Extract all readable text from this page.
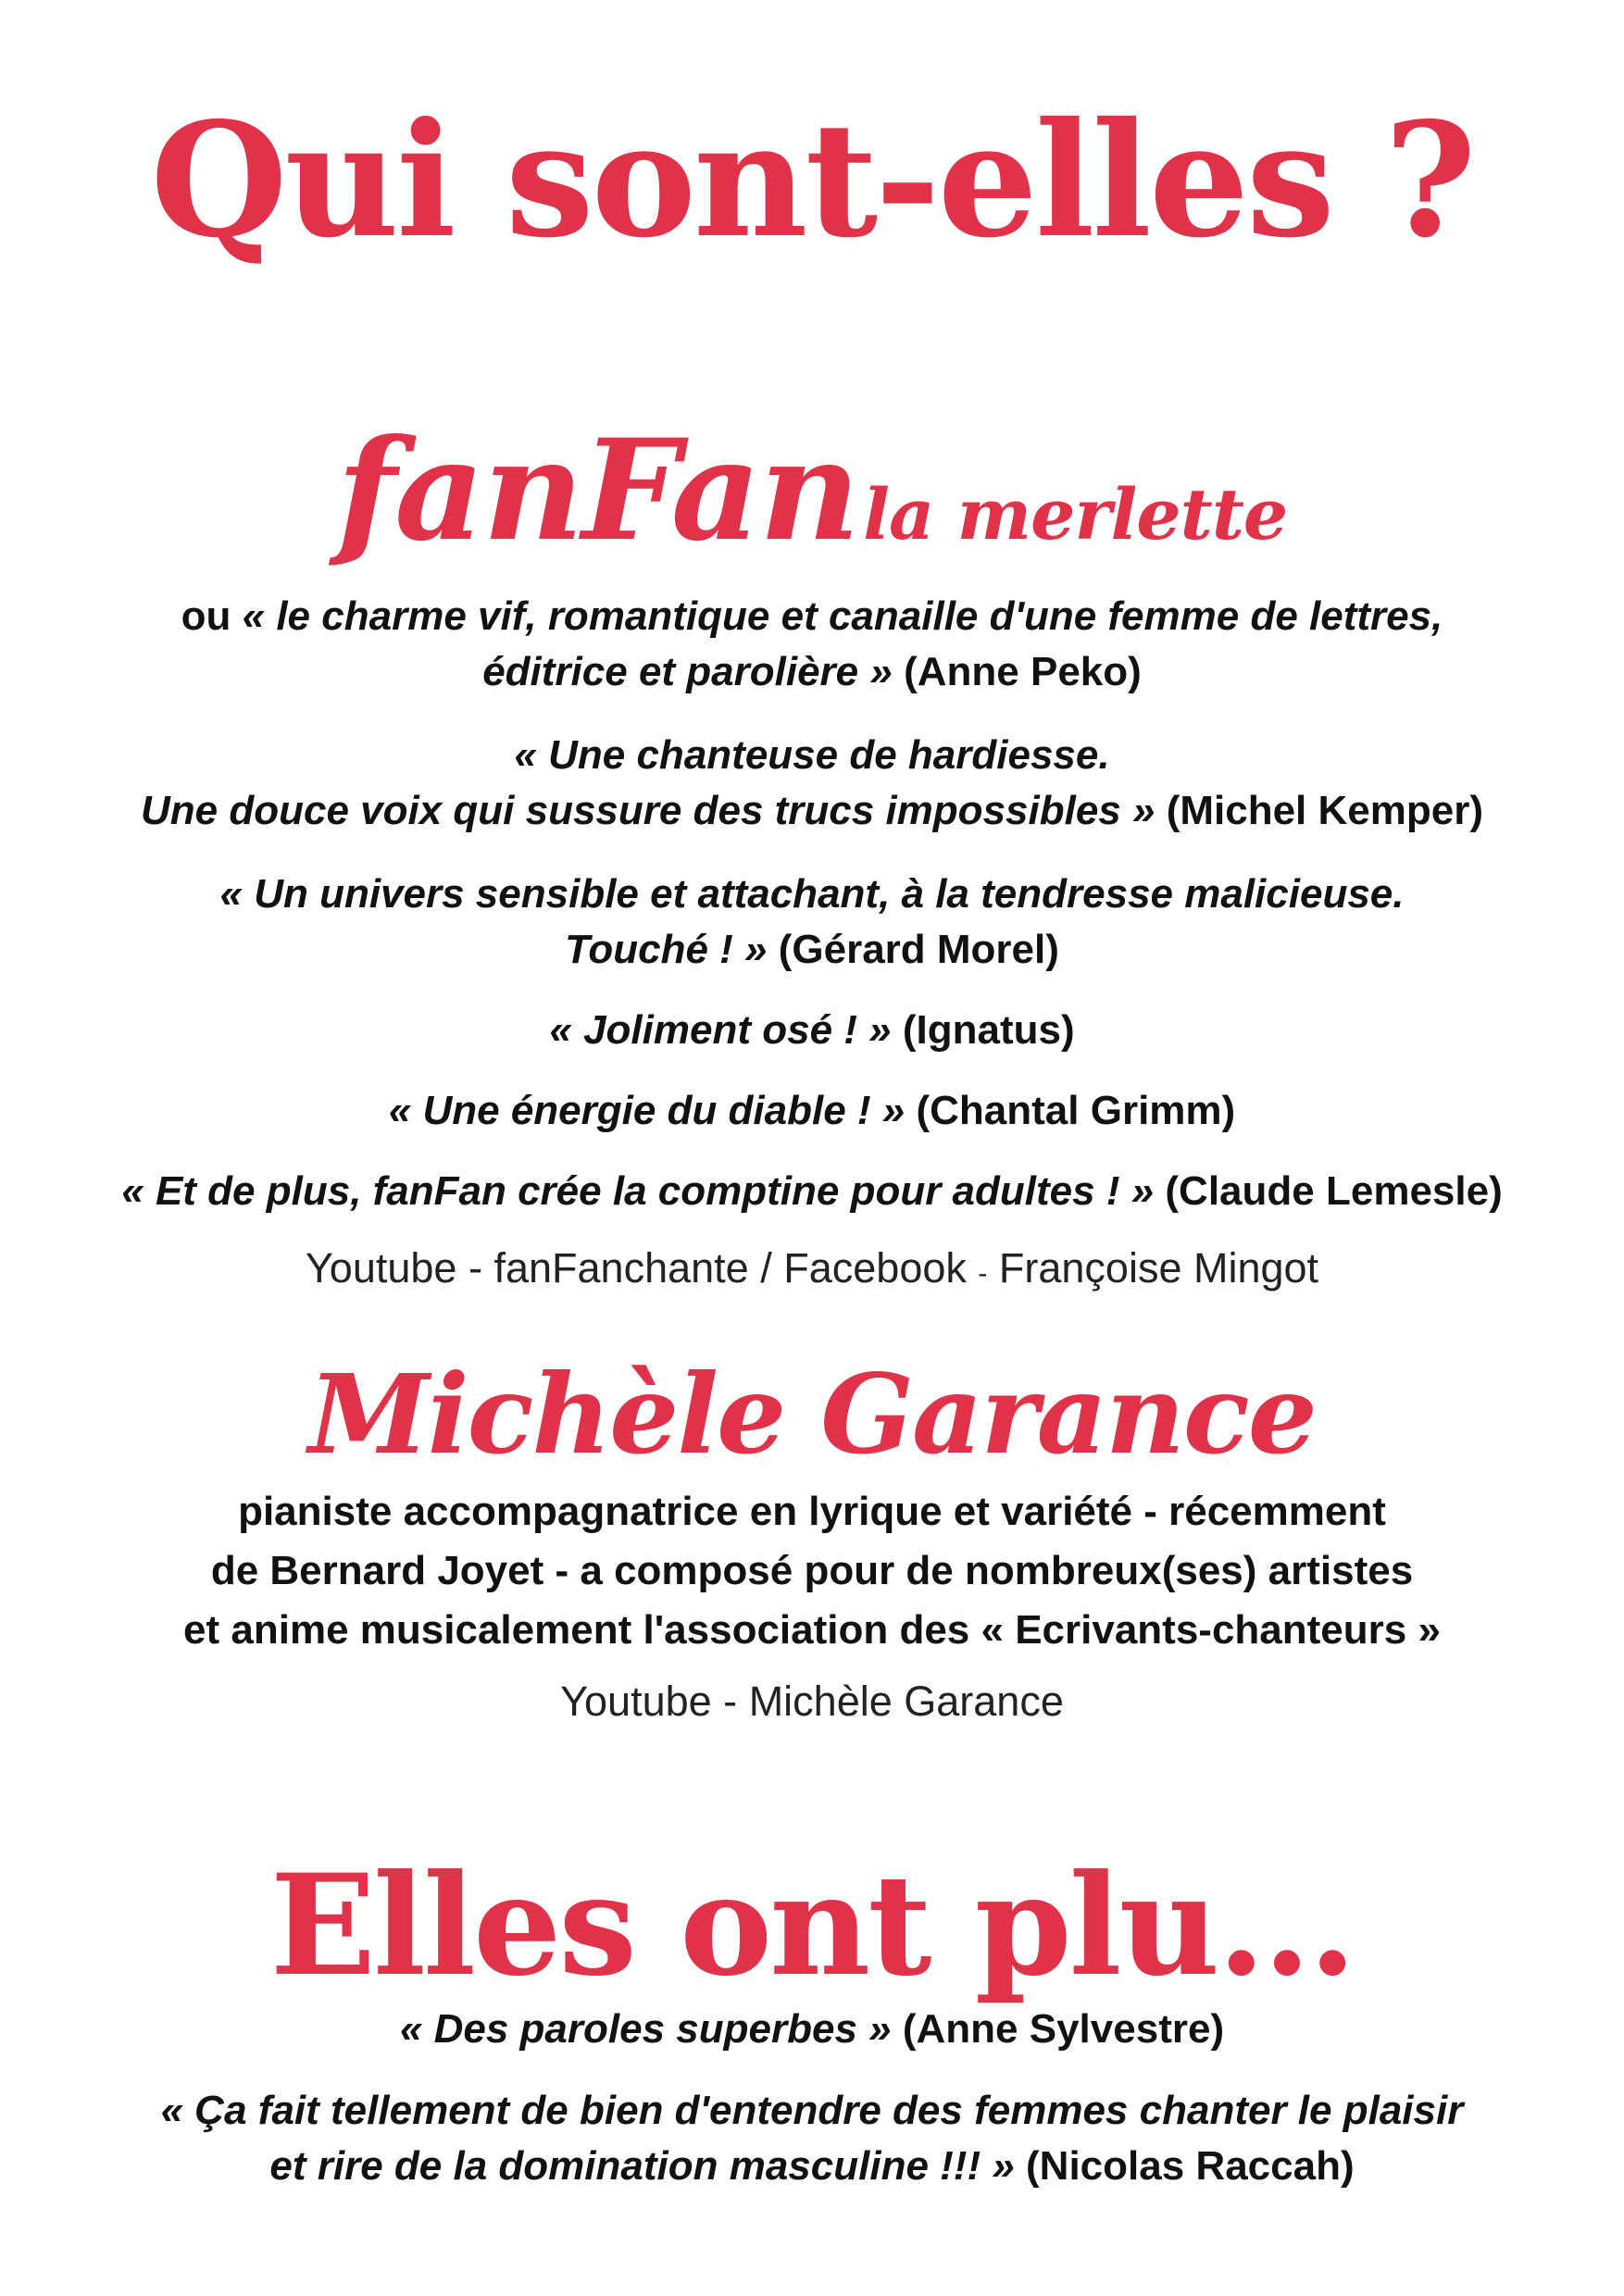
Qui sont-elles ?
fanFan la merlette
ou « le charme vif, romantique et canaille d'une femme de lettres,
éditrice et parolière » (Anne Peko)
« Une chanteuse de hardiesse.
Une douce voix qui sussure des trucs impossibles » (Michel Kemper)
« Un univers sensible et attachant, à la tendresse malicieuse.
Touché ! » (Gérard Morel)
« Joliment osé ! » (Ignatus)
« Une énergie du diable ! » (Chantal Grimm)
« Et de plus, fanFan crée la comptine pour adultes ! » (Claude Lemesle)
Youtube - fanFanchante / Facebook - Françoise Mingot
Michèle Garance
pianiste accompagnatrice en lyrique et variété - récemment
de Bernard Joyet - a composé pour de nombreux(ses) artistes
et anime musicalement l'association des « Ecrivants-chanteurs »
Youtube - Michèle Garance
Elles ont plu...
« Des paroles superbes » (Anne Sylvestre)
« Ça fait tellement de bien d'entendre des femmes chanter le plaisir
et rire de la domination masculine !!! » (Nicolas Raccah)
